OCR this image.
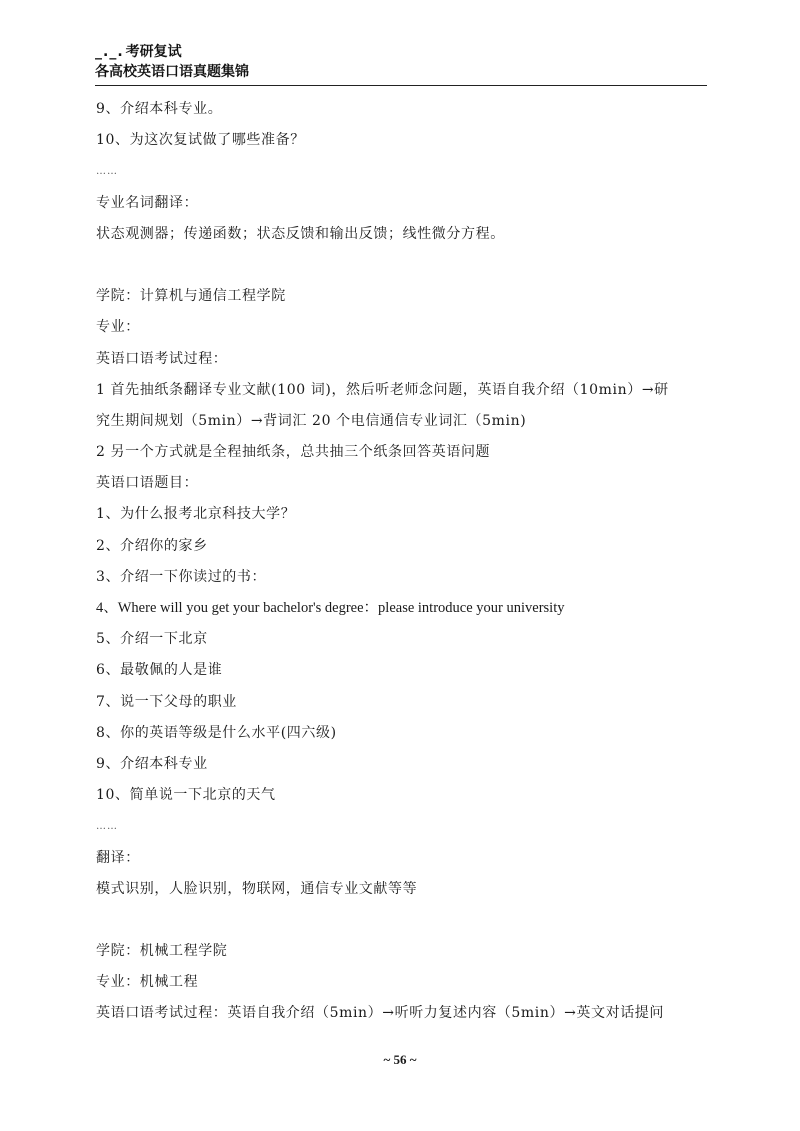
_._. 考研复试
各高校英语口语真题集锦
9、介绍本科专业。
10、为这次复试做了哪些准备？
……
专业名词翻译：
状态观测器；传递函数；状态反馈和输出反馈；线性微分方程。
学院：计算机与通信工程学院
专业：
英语口语考试过程：
1 首先抽纸条翻译专业文献(100 词)，然后听老师念问题，英语自我介绍（10min）→研
究生期间规划（5min）→背词汇 20 个电信通信专业词汇（5min)
2 另一个方式就是全程抽纸条，总共抽三个纸条回答英语问题
英语口语题目：
1、为什么报考北京科技大学？
2、介绍你的家乡
3、介绍一下你读过的书：
4、Where will you get your bachelor's degree：please introduce your university
5、介绍一下北京
6、最敬佩的人是谁
7、说一下父母的职业
8、你的英语等级是什么水平(四六级)
9、介绍本科专业
10、简单说一下北京的天气
……
翻译：
模式识别，人脸识别，物联网，通信专业文献等等
学院：机械工程学院
专业：机械工程
英语口语考试过程：英语自我介绍（5min）→听听力复述内容（5min）→英文对话提问
~ 56 ~
